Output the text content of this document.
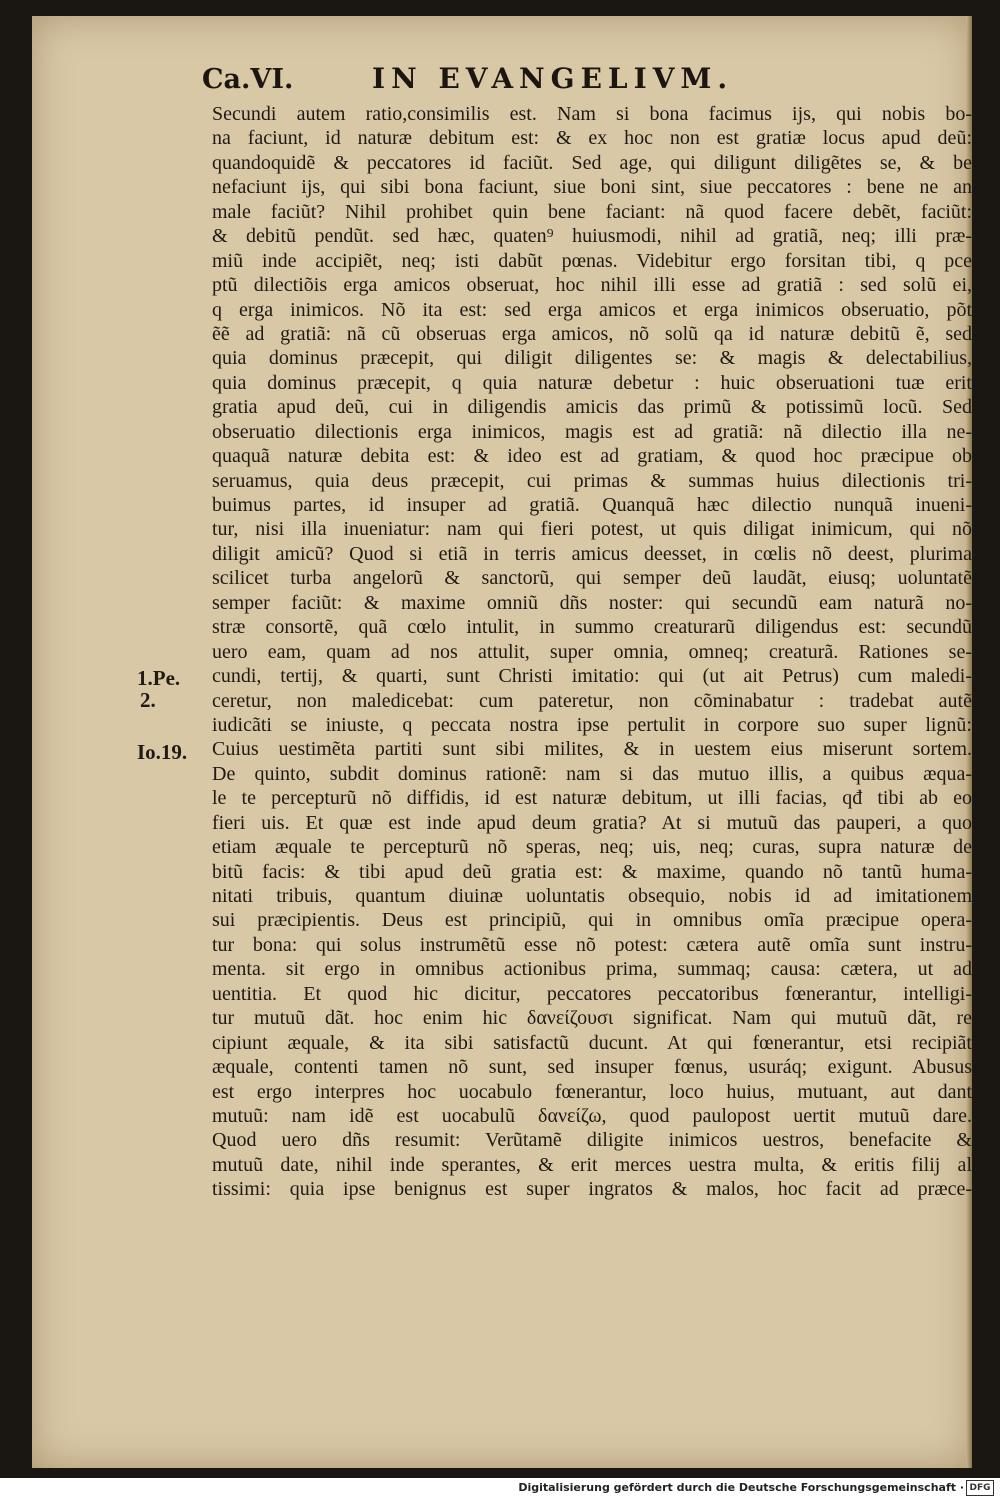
Ca.VI.	IN EVANGELIVM.
1.Pe.
2.
Io.19.
Secundi autem ratio,consimilis est. Nam si bona facimus ijs, qui nobis bo-
na faciunt, id naturæ debitum est: & ex hoc non est gratiæ locus apud deũ:
quandoquidẽ & peccatores id faciũt. Sed age, qui diligunt diligẽtes se, & be
nefaciunt ijs, qui sibi bona faciunt, siue boni sint, siue peccatores : bene ne an
male faciũt? Nihil prohibet quin bene faciant: nã quod facere debẽt, faciũt:
& debitũ pendũt. sed hæc, quaten⁹ huiusmodi, nihil ad gratiã, neq; illi præ-
miũ inde accipiẽt, neq; isti dabũt pœnas. Videbitur ergo forsitan tibi, q pce
ptũ dilectiõis erga amicos obseruat, hoc nihil illi esse ad gratiã : sed solũ ei,
q erga inimicos. Nõ ita est: sed erga amicos et erga inimicos obseruatio, põt
ẽẽ ad gratiã: nã cũ obseruas erga amicos, nõ solũ qa id naturæ debitũ ẽ, sed
quia dominus præcepit, qui diligit diligentes se: & magis & delectabilius,
quia dominus præcepit, q quia naturæ debetur : huic obseruationi tuæ erit
gratia apud deũ, cui in diligendis amicis das primũ & potissimũ locũ. Sed
obseruatio dilectionis erga inimicos, magis est ad gratiã: nã dilectio illa ne-
quaquã naturæ debita est: & ideo est ad gratiam, & quod hoc præcipue ob
seruamus, quia deus præcepit, cui primas & summas huius dilectionis tri-
buimus partes, id insuper ad gratiã. Quanquã hæc dilectio nunquã inueni-
tur, nisi illa inueniatur: nam qui fieri potest, ut quis diligat inimicum, qui nõ
diligit amicũ? Quod si etiã in terris amicus deesset, in cœlis nõ deest, plurima
scilicet turba angelorũ & sanctorũ, qui semper deũ laudãt, eiusq; uoluntatẽ
semper faciũt: & maxime omniũ dñs noster: qui secundũ eam naturã no-
stræ consortẽ, quã cœlo intulit, in summo creaturarũ diligendus est: secundũ
uero eam, quam ad nos attulit, super omnia, omneq; creaturã. Rationes se-
cundi, tertij, & quarti, sunt Christi imitatio: qui (ut ait Petrus) cum maledi-
ceretur, non maledicebat: cum pateretur, non cõminabatur : tradebat autẽ
iudicãti se iniuste, q peccata nostra ipse pertulit in corpore suo super lignũ:
Cuius uestimẽta partiti sunt sibi milites, & in uestem eius miserunt sortem.
De quinto, subdit dominus rationẽ: nam si das mutuo illis, a quibus æqua-
le te percepturũ nõ diffidis, id est naturæ debitum, ut illi facias, qđ tibi ab eo
fieri uis. Et quæ est inde apud deum gratia? At si mutuũ das pauperi, a quo
etiam æquale te percepturũ nõ speras, neq; uis, neq; curas, supra naturæ de
bitũ facis: & tibi apud deũ gratia est: & maxime, quando nõ tantũ huma-
nitati tribuis, quantum diuinæ uoluntatis obsequio, nobis id ad imitationem
sui præcipientis. Deus est principiũ, qui in omnibus omĩa præcipue opera-
tur bona: qui solus instrumẽtũ esse nõ potest: cætera autẽ omĩa sunt instru-
menta. sit ergo in omnibus actionibus prima, summaq; causa: cætera, ut ad
uentitia. Et quod hic dicitur, peccatores peccatoribus fœnerantur, intelligi-
tur mutuũ dãt. hoc enim hic δανείζουσι significat. Nam qui mutuũ dãt, re
cipiunt æquale, & ita sibi satisfactũ ducunt. At qui fœnerantur, etsi recipiãt
æquale, contenti tamen nõ sunt, sed insuper fœnus, usuráq; exigunt. Abusus
est ergo interpres hoc uocabulo fœnerantur, loco huius, mutuant, aut dant
mutuũ: nam idẽ est uocabulũ δανείζω, quod paulopost uertit mutuũ dare.
Quod uero dñs resumit: Verũtamẽ diligite inimicos uestros, benefacite &
mutuũ date, nihil inde sperantes, & erit merces uestra multa, & eritis filij al
tissimi: quia ipse benignus est super ingratos & malos, hoc facit ad præce-
Digitalisierung gefördert durch die Deutsche Forschungsgemeinschaft · DFG
